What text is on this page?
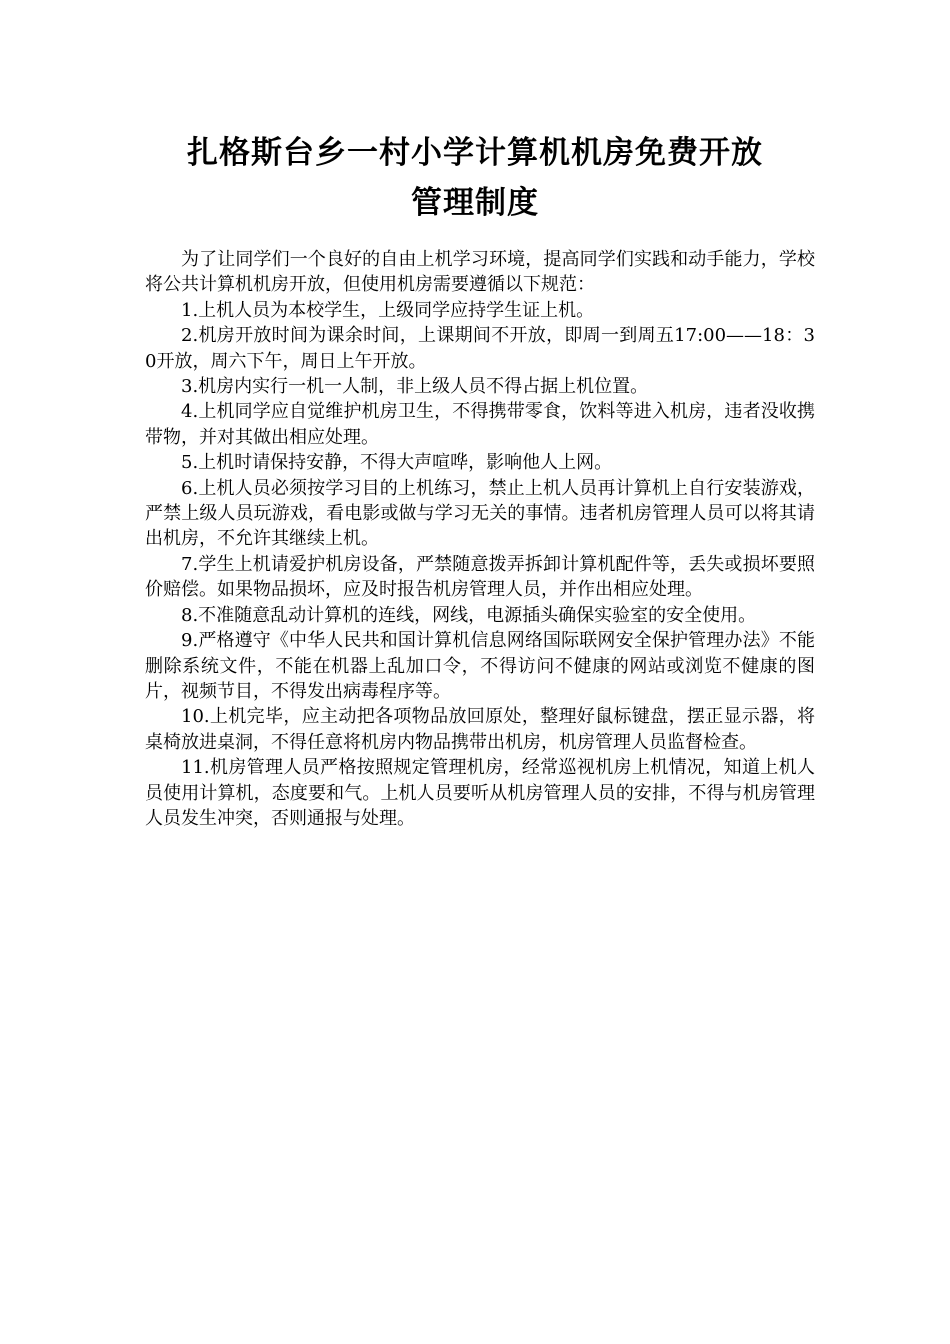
扎格斯台乡一村小学计算机机房免费开放
管理制度

为了让同学们一个良好的自由上机学习环境，提高同学们实践和动手能力，学校将公共计算机机房开放，但使用机房需要遵循以下规范：

1.上机人员为本校学生，上级同学应持学生证上机。

2.机房开放时间为课余时间，上课期间不开放，即周一到周五17:00——18：30开放，周六下午，周日上午开放。

3.机房内实行一机一人制，非上级人员不得占据上机位置。

4.上机同学应自觉维护机房卫生，不得携带零食，饮料等进入机房，违者没收携带物，并对其做出相应处理。

5.上机时请保持安静，不得大声喧哗，影响他人上网。

6.上机人员必须按学习目的上机练习，禁止上机人员再计算机上自行安装游戏，严禁上级人员玩游戏，看电影或做与学习无关的事情。违者机房管理人员可以将其请出机房，不允许其继续上机。

7.学生上机请爱护机房设备，严禁随意拨弄拆卸计算机配件等，丢失或损坏要照价赔偿。如果物品损坏，应及时报告机房管理人员，并作出相应处理。

8.不准随意乱动计算机的连线，网线，电源插头确保实验室的安全使用。

9.严格遵守《中华人民共和国计算机信息网络国际联网安全保护管理办法》不能删除系统文件，不能在机器上乱加口令，不得访问不健康的网站或浏览不健康的图片，视频节目，不得发出病毒程序等。

10.上机完毕，应主动把各项物品放回原处，整理好鼠标键盘，摆正显示器，将桌椅放进桌洞，不得任意将机房内物品携带出机房，机房管理人员监督检查。

11.机房管理人员严格按照规定管理机房，经常巡视机房上机情况，知道上机人员使用计算机，态度要和气。上机人员要听从机房管理人员的安排，不得与机房管理人员发生冲突，否则通报与处理。
